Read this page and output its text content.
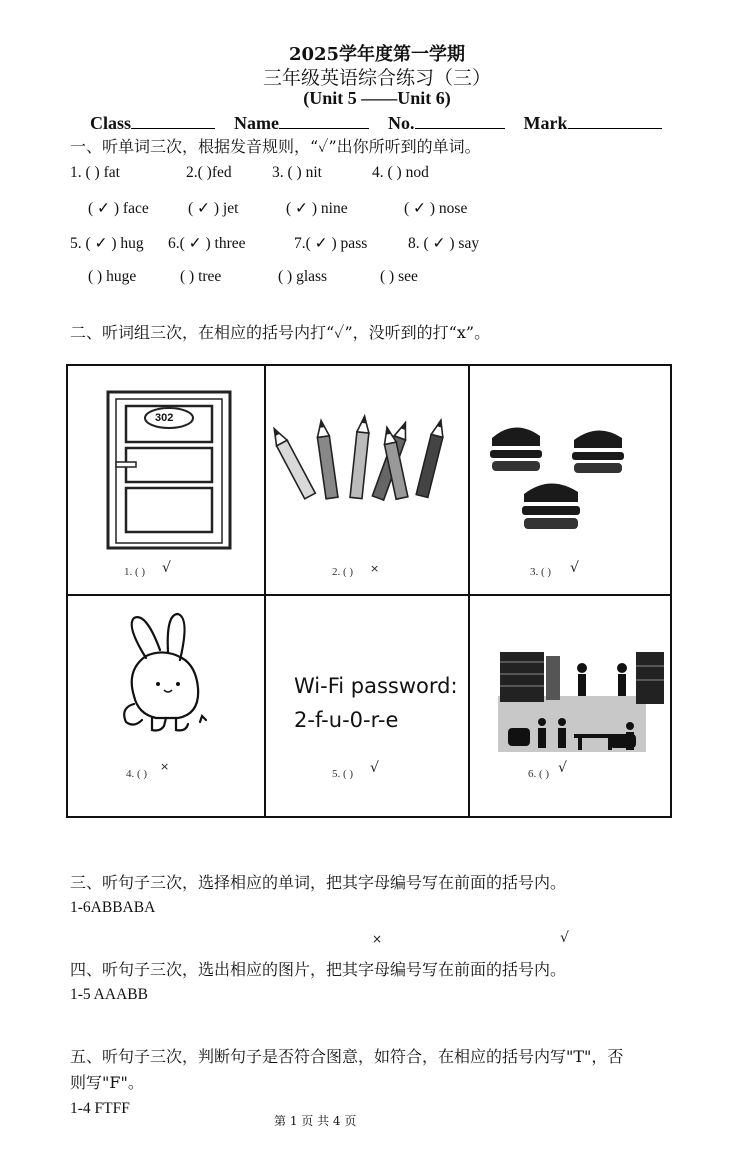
2025学年度第一学期
三年级英语综合练习（三）
(Unit 5 ——Unit 6)
Class	Name	No.	Mark
一、听单词三次，根据发音规则，“✓”出你所听到的单词。
1. ( ) fat	2.( )fed	3. ( ) nit	4. ( ) nod
( ✓ ) face	( ✓ ) jet	( ✓ ) nine	( ✓ ) nose
5. ( ✓ ) hug 6.( ✓ ) three	7.( ✓ ) pass	8. ( ✓ ) say
( ) huge	( ) tree	( ) glass	( ) see
二、听词组三次，在相应的括号内打“✓”，没听到的打“x”。
302
1. ( ) √	2. ( ) ×	3. ( ) √
4. ( )
×
Wi-Fi password:
2-f-u-0-r-e
5. ( ) √	6. ( ) √
三、听句子三次，选择相应的单词，把其字母编号写在前面的括号内。
1-6ABBABA
×	√
四、听句子三次，选出相应的图片，把其字母编号写在前面的括号内。
1-5 AAABB
五、听句子三次，判断句子是否符合图意，如符合，在相应的括号内写"T"，否
则写"F"。
1-4 FTFF
第 1 页 共 4 页
